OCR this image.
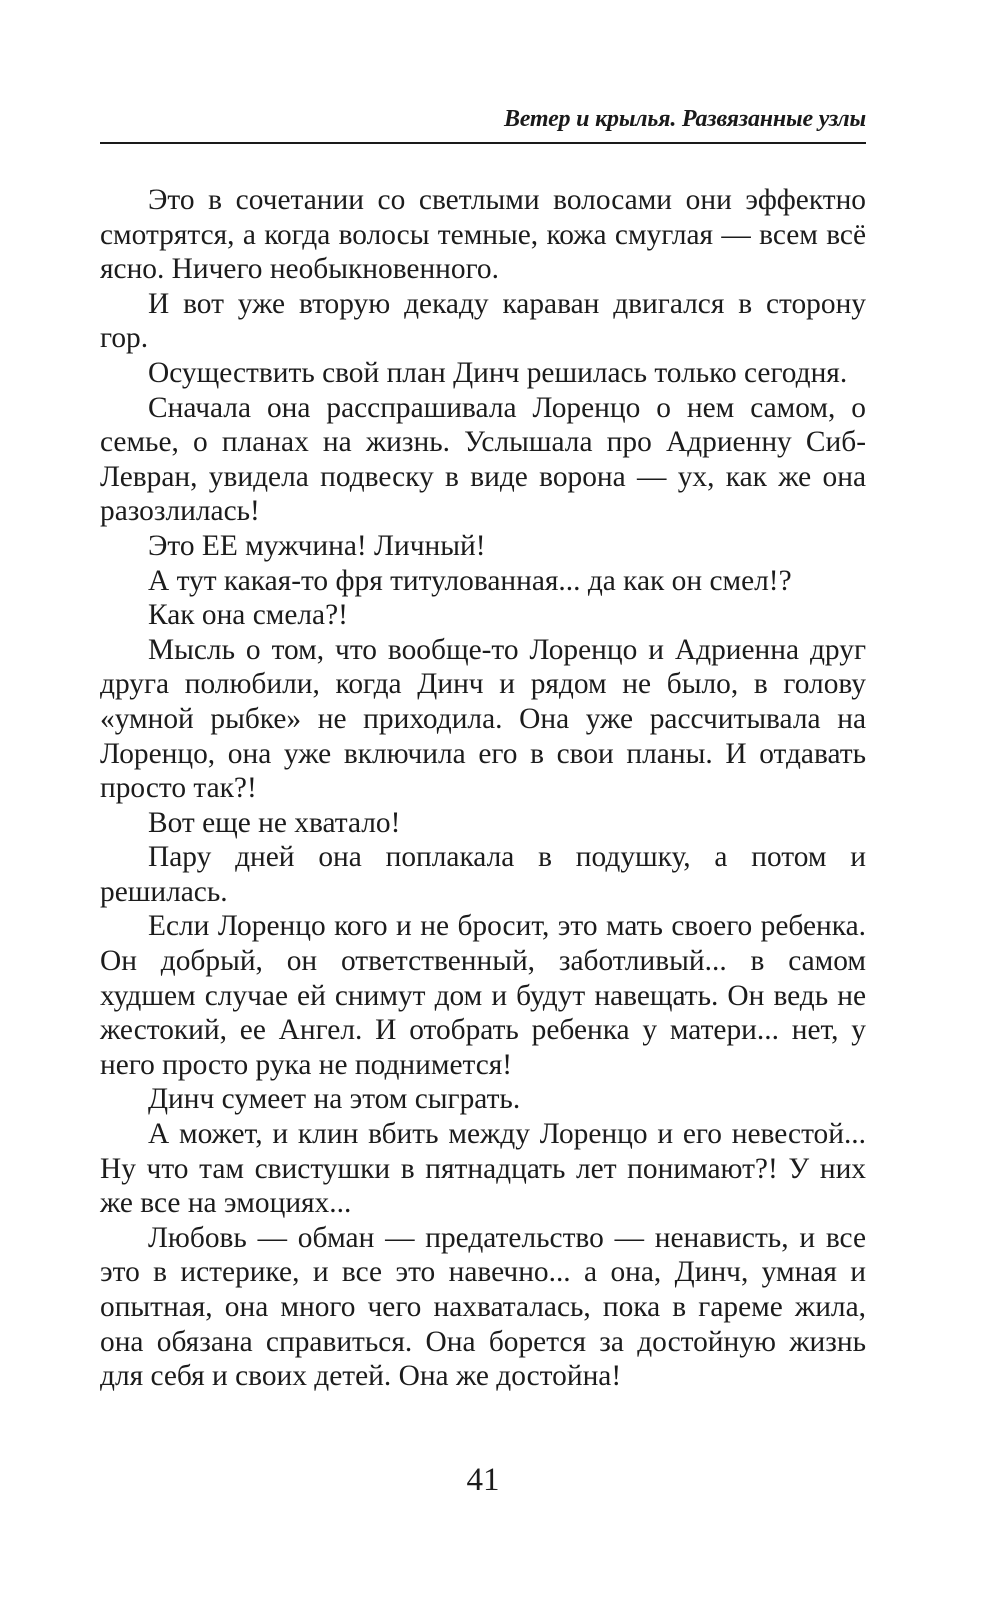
Ветер и крылья. Развязанные узлы

Это в сочетании со светлыми волосами они эффектно смотрятся, а когда волосы темные, кожа смуглая — всем всё ясно. Ничего необыкновенного.

И вот уже вторую декаду караван двигался в сторону гор.

Осуществить свой план Динч решилась только сегодня.

Сначала она расспрашивала Лоренцо о нем самом, о семье, о планах на жизнь. Услышала про Адриенну Сиб-Левран, увидела подвеску в виде ворона — ух, как же она разозлилась!

Это ЕЕ мужчина! Личный!

А тут какая-то фря титулованная... да как он смел!?

Как она смела?!

Мысль о том, что вообще-то Лоренцо и Адриенна друг друга полюбили, когда Динч и рядом не было, в голову «умной рыбке» не приходила. Она уже рассчитывала на Лоренцо, она уже включила его в свои планы. И отдавать просто так?!

Вот еще не хватало!

Пару дней она поплакала в подушку, а потом и решилась.

Если Лоренцо кого и не бросит, это мать своего ребенка. Он добрый, он ответственный, заботливый... в самом худшем случае ей снимут дом и будут навещать. Он ведь не жестокий, ее Ангел. И отобрать ребенка у матери... нет, у него просто рука не поднимется!

Динч сумеет на этом сыграть.

А может, и клин вбить между Лоренцо и его невестой... Ну что там свистушки в пятнадцать лет понимают?! У них же все на эмоциях...

Любовь — обман — предательство — ненависть, и все это в истерике, и все это навечно... а она, Динч, умная и опытная, она много чего нахваталась, пока в гареме жила, она обязана справиться. Она борется за достойную жизнь для себя и своих детей. Она же достойна!

41
